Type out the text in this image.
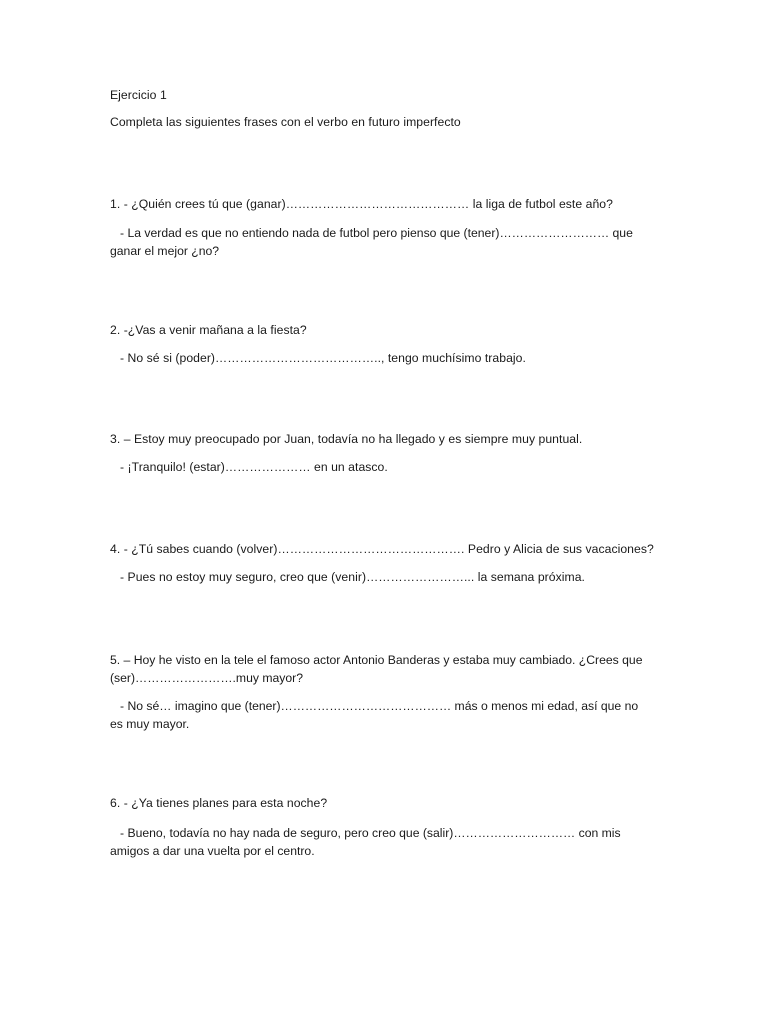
Ejercicio 1
Completa las siguientes frases con el verbo en futuro imperfecto
1. - ¿Quién crees tú que (ganar)……………………………………… la liga de futbol este año?
- La verdad es que no entiendo nada de futbol pero pienso que (tener)……………………… que ganar el mejor ¿no?
2. -¿Vas a venir mañana a la fiesta?
- No sé si (poder)………………………………….., tengo muchísimo trabajo.
3. – Estoy muy preocupado por Juan, todavía no ha llegado y es siempre muy puntual.
- ¡Tranquilo! (estar)………………… en un atasco.
4. - ¿Tú sabes cuando (volver)………………………………………. Pedro y Alicia de sus vacaciones?
- Pues no estoy muy seguro, creo que (venir)……………………... la semana próxima.
5. – Hoy he visto en la tele el famoso actor Antonio Banderas y estaba muy cambiado. ¿Crees que (ser)…………………….muy mayor?
- No sé… imagino que (tener)…………………………………… más o menos mi edad, así que no es muy mayor.
6. - ¿Ya tienes planes para esta noche?
- Bueno, todavía no hay nada de seguro, pero creo que (salir)………………………… con mis amigos a dar una vuelta por el centro.
